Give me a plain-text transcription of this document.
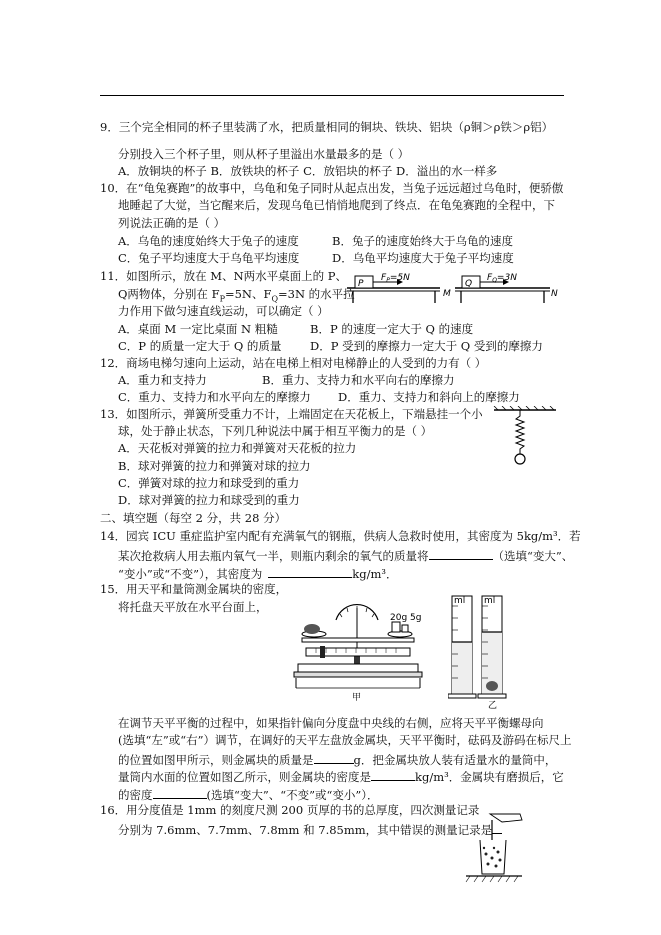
9．三个完全相同的杯子里装满了水，把质量相同的铜块、铁块、铝块（ρ铜＞ρ铁＞ρ铝）
分别投入三个杯子里，则从杯子里溢出水量最多的是（ ）
A．放铜块的杯子 B．放铁块的杯子 C．放铝块的杯子 D．溢出的水一样多
10．在“龟兔赛跑”的故事中，乌龟和兔子同时从起点出发，当兔子远远超过乌龟时，便骄傲
地睡起了大觉，当它醒来后，发现乌龟已悄悄地爬到了终点．在龟兔赛跑的全程中，下
列说法正确的是（ ）
A．乌龟的速度始终大于兔子的速度	B．兔子的速度始终大于乌龟的速度
C．兔子平均速度大于乌龟平均速度	D．乌龟平均速度大于兔子平均速度
11．如图所示，放在 M、N两水平桌面上的 P、
Q两物体，分别在 $F_P=5N$、$F_Q=3N$ 的水平拉
力作用下做匀速直线运动，可以确定（ ）
P
$F_P=5N$
M
Q
$F_Q=3N$
N
A．桌面 M 一定比桌面 N 粗糙	B．P 的速度一定大于 Q 的速度
C．P 的质量一定大于 Q 的质量 D．P 受到的摩擦力一定大于 Q 受到的摩擦力
12．商场电梯匀速向上运动，站在电梯上相对电梯静止的人受到的力有（ ）
A．重力和支持力	B．重力、支持力和水平向右的摩擦力
C．重力、支持力和水平向左的摩擦力 D．重力、支持力和斜向上的摩擦力
13．如图所示，弹簧所受重力不计，上端固定在天花板上，下端悬挂一个小
球，处于静止状态，下列几种说法中属于相互平衡力的是（ ）
A．天花板对弹簧的拉力和弹簧对天花板的拉力
B．球对弹簧的拉力和弹簧对球的拉力
C．弹簧对球的拉力和球受到的重力
D．球对弹簧的拉力和球受到的重力
二、填空题（每空 2 分，共 28 分）
14．园宾 ICU 重症监护室内配有充满氧气的钢瓶，供病人急救时使用，其密度为 5kg/m³．若
某次抢救病人用去瓶内氧气一半，则瓶内剩余的氧气的质量将	（选填“变大”、
“变小”或“不变”），其密度为	kg/m³．
15．用天平和量筒测金属块的密度，
将托盘天平放在水平台面上，
20g 5g
甲
ml ml
乙
在调节天平平衡的过程中，如果指针偏向分度盘中央线的右侧，应将天平平衡螺母向
(选填“左”或“右”）调节，在调好的天平左盘放金属块，天平平衡时，砝码及游码在标尺上
的位置如图甲所示，则金属块的质量是	g．把金属块放人装有适量水的量筒中，
量筒内水面的位置如图乙所示，则金属块的密度是	kg/m³．金属块有磨损后，它
的密度	(选填“变大”、“不变”或“变小”）．
16．用分度值是 1mm 的刻度尺测 200 页厚的书的总厚度，四次测量记录
分别为 7.6mm、7.7mm、7.8mm 和 7.85mm，其中错误的测量记录是
